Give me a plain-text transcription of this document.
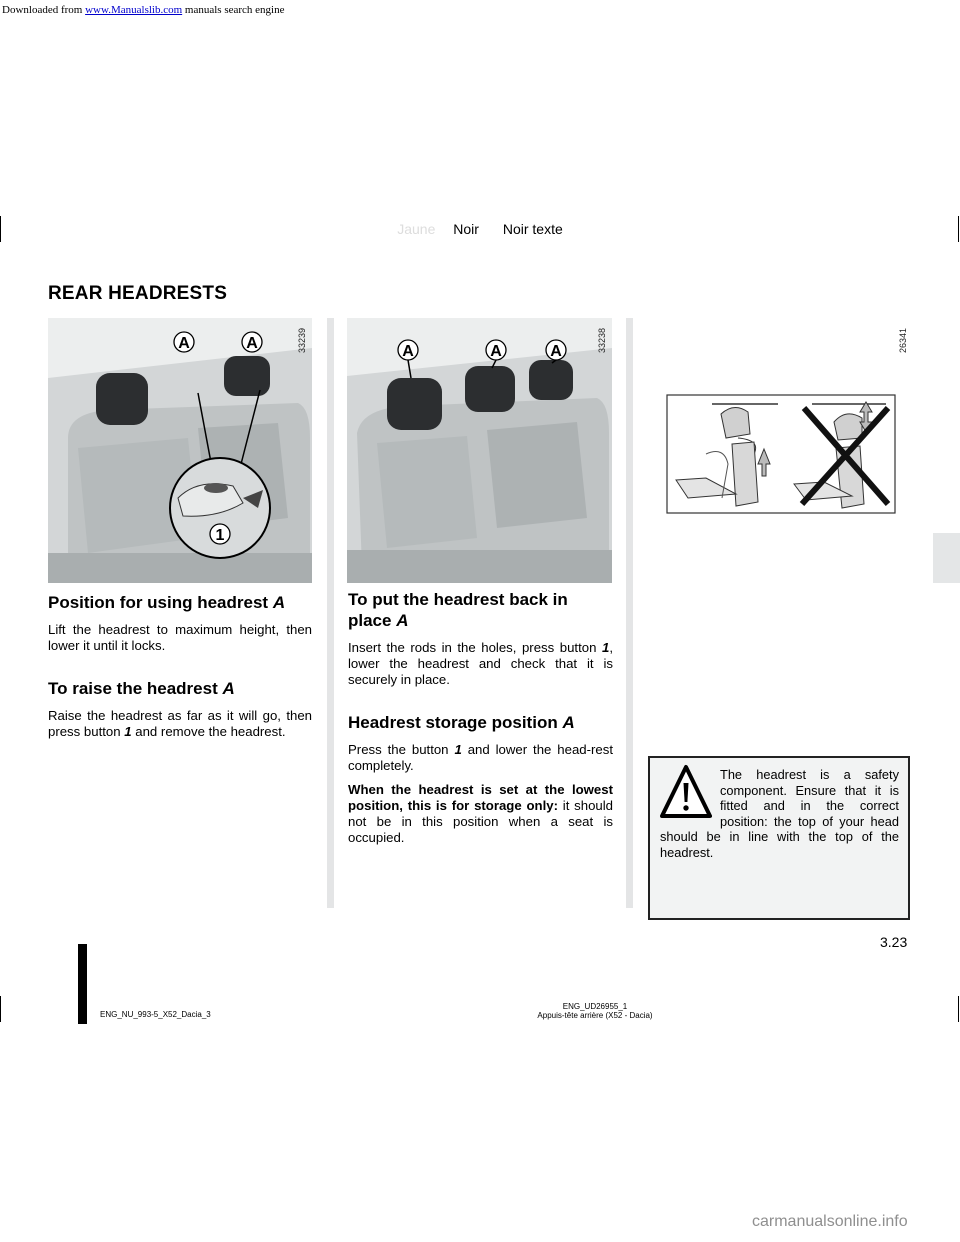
Downloaded from www.Manualslib.com manuals search engine
Jaune Noir Noir texte
REAR HEADRESTS
A	A
1
33239	A	A	A	33238	26341
Position for using headrest A

Lift the headrest to maximum height, then lower it until it locks.

To raise the headrest A

Raise the headrest as far as it will go, then press button 1 and remove the headrest.

To put the headrest back in place A

Insert the rods in the holes, press button 1, lower the headrest and check that it is securely in place.

Headrest storage position A

Press the button 1 and lower the head-rest completely.

When the headrest is set at the lowest position, this is for storage only: it should not be in this position when a seat is occupied.

The headrest is a safety component. Ensure that it is fitted and in the correct position: the top of your head should be in line with the top of the headrest.

3.23
ENG_NU_993-5_X52_Dacia_3
ENG_UD26955_1
Appuis-tête arrière (X52 - Dacia)
carmanualsonline.info
